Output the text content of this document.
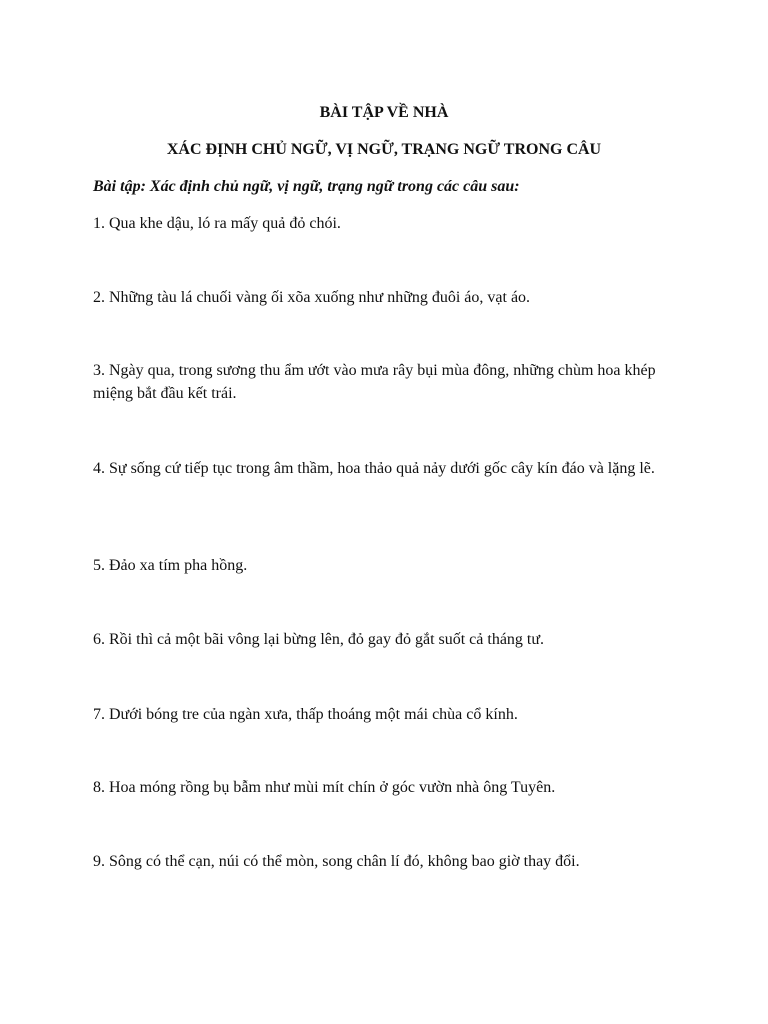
BÀI TẬP VỀ NHÀ
XÁC ĐỊNH CHỦ NGỮ, VỊ NGỮ, TRẠNG NGỮ TRONG CÂU
Bài tập: Xác định chủ ngữ, vị ngữ, trạng ngữ trong các câu sau:
1. Qua khe dậu, ló ra mấy quả đỏ chói.
2. Những tàu lá chuối vàng ối xõa xuống như những đuôi áo, vạt áo.
3. Ngày qua, trong sương thu ẩm ướt vào mưa rây bụi mùa đông, những chùm hoa khép miệng bắt đầu kết trái.
4. Sự sống cứ tiếp tục trong âm thầm, hoa thảo quả nảy dưới gốc cây kín đáo và lặng lẽ.
5. Đảo xa tím pha hồng.
6. Rồi thì cả một bãi vông lại bừng lên, đỏ gay đỏ gắt suốt cả tháng tư.
7. Dưới bóng tre của ngàn xưa, thấp thoáng một mái chùa cổ kính.
8. Hoa móng rồng bụ bẫm như mùi mít chín ở góc vườn nhà ông Tuyên.
9. Sông có thể cạn, núi có thể mòn, song chân lí đó, không bao giờ thay đổi.
